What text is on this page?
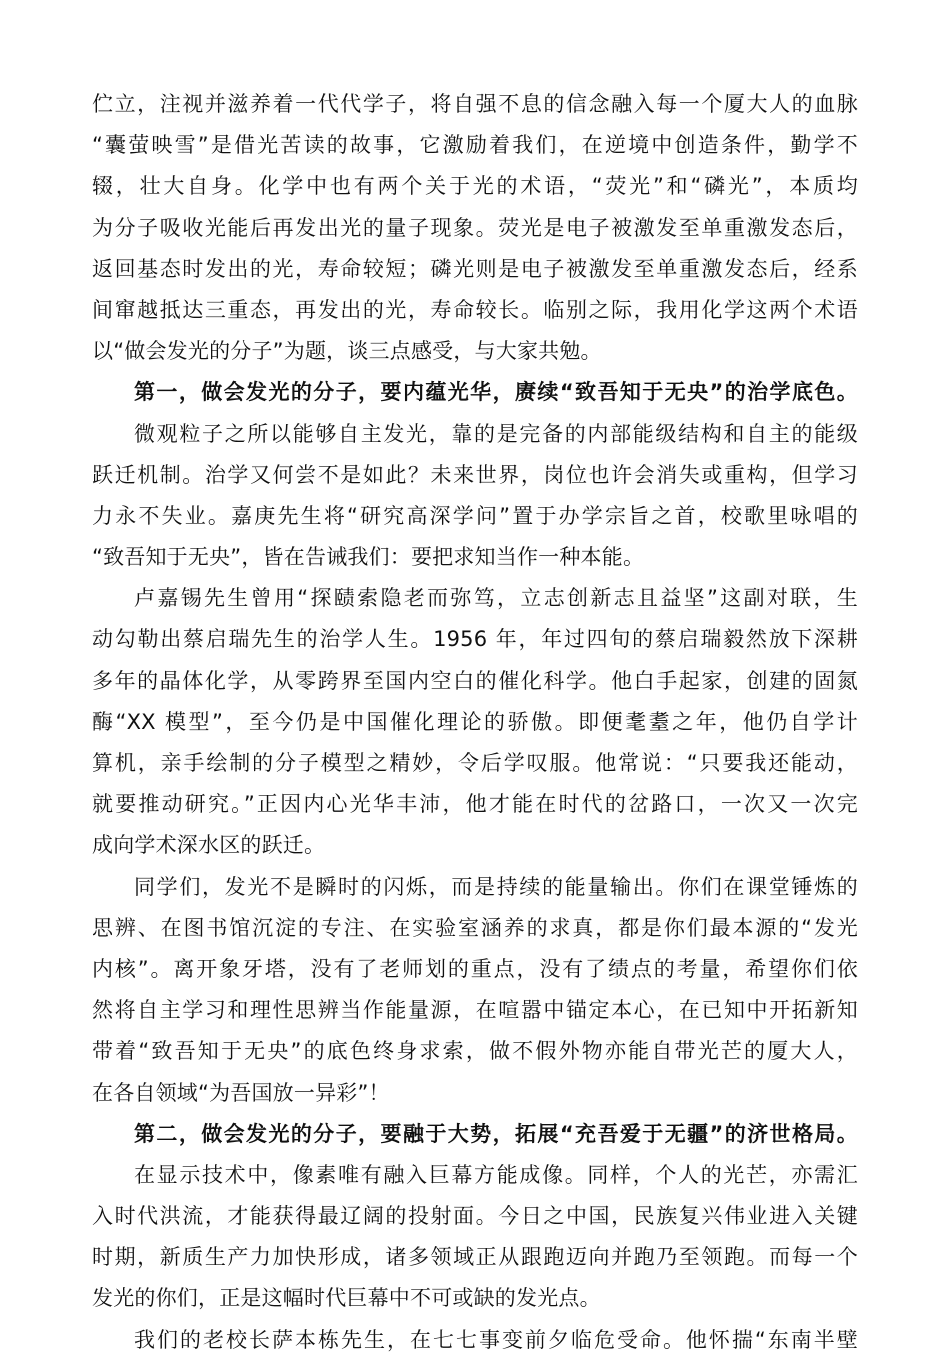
伫立，注视并滋养着一代代学子，将自强不息的信念融入每一个厦大人的血脉
“囊萤映雪”是借光苦读的故事，它激励着我们，在逆境中创造条件，勤学不
辍，壮大自身。化学中也有两个关于光的术语，“荧光”和“磷光”，本质均
为分子吸收光能后再发出光的量子现象。荧光是电子被激发至单重激发态后，
返回基态时发出的光，寿命较短；磷光则是电子被激发至单重激发态后，经系
间窜越抵达三重态，再发出的光，寿命较长。临别之际，我用化学这两个术语
以“做会发光的分子”为题，谈三点感受，与大家共勉。
第一，做会发光的分子，要内蕴光华，赓续“致吾知于无央”的治学底色。
微观粒子之所以能够自主发光，靠的是完备的内部能级结构和自主的能级
跃迁机制。治学又何尝不是如此？未来世界，岗位也许会消失或重构，但学习
力永不失业。嘉庚先生将“研究高深学问”置于办学宗旨之首，校歌里咏唱的
“致吾知于无央”，皆在告诫我们：要把求知当作一种本能。
卢嘉锡先生曾用“探赜索隐老而弥笃，立志创新志且益坚”这副对联，生
动勾勒出蔡启瑞先生的治学人生。1956 年，年过四旬的蔡启瑞毅然放下深耕
多年的晶体化学，从零跨界至国内空白的催化科学。他白手起家，创建的固氮
酶“XX 模型”，至今仍是中国催化理论的骄傲。即便耄耋之年，他仍自学计
算机，亲手绘制的分子模型之精妙，令后学叹服。他常说：“只要我还能动，
就要推动研究。”正因内心光华丰沛，他才能在时代的岔路口，一次又一次完
成向学术深水区的跃迁。
同学们，发光不是瞬时的闪烁，而是持续的能量输出。你们在课堂锤炼的
思辨、在图书馆沉淀的专注、在实验室涵养的求真，都是你们最本源的“发光
内核”。离开象牙塔，没有了老师划的重点，没有了绩点的考量，希望你们依
然将自主学习和理性思辨当作能量源，在喧嚣中锚定本心，在已知中开拓新知
带着“致吾知于无央”的底色终身求索，做不假外物亦能自带光芒的厦大人，
在各自领域“为吾国放一异彩”！
第二，做会发光的分子，要融于大势，拓展“充吾爱于无疆”的济世格局。
在显示技术中，像素唯有融入巨幕方能成像。同样，个人的光芒，亦需汇
入时代洪流，才能获得最辽阔的投射面。今日之中国，民族复兴伟业进入关键
时期，新质生产力加快形成，诸多领域正从跟跑迈向并跑乃至领跑。而每一个
发光的你们，正是这幅时代巨幕中不可或缺的发光点。
我们的老校长萨本栋先生，在七七事变前夕临危受命。他怀揣“东南半壁
